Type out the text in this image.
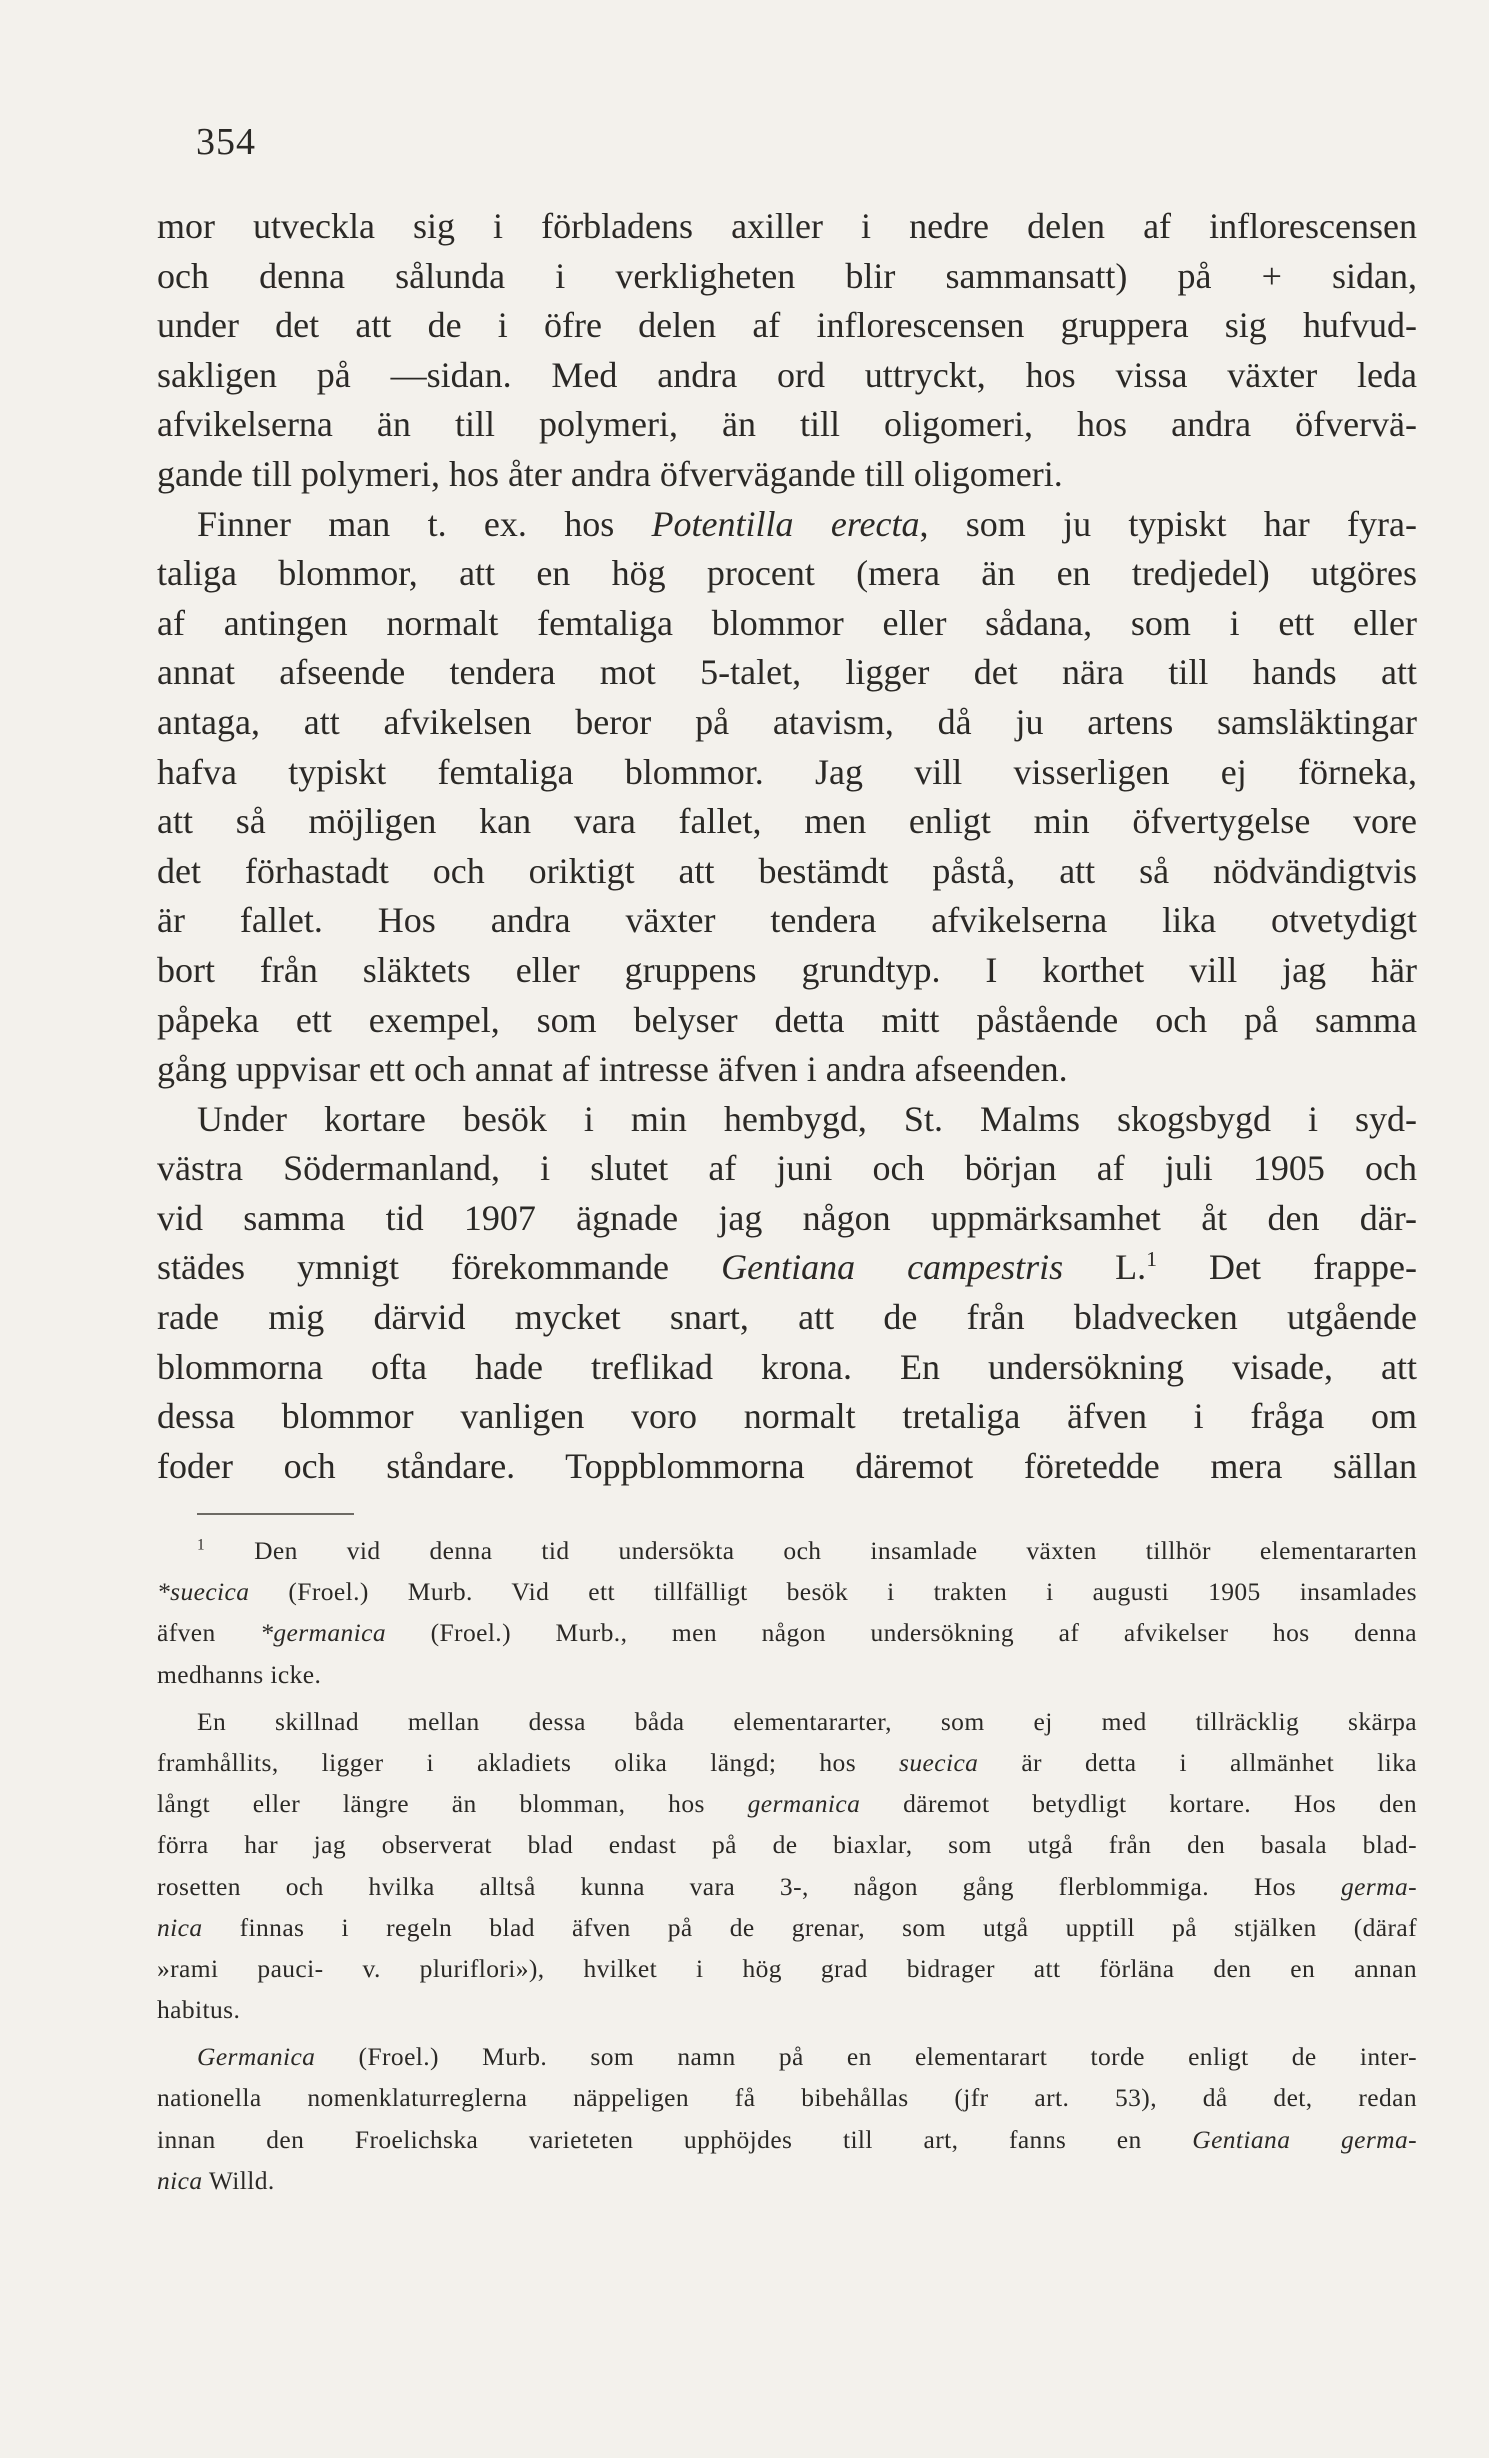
354
mor utveckla sig i förbladens axiller i nedre delen af inflorescensen
och denna sålunda i verkligheten blir sammansatt) på + sidan,
under det att de i öfre delen af inflorescensen gruppera sig hufvud-
sakligen på —sidan. Med andra ord uttryckt, hos vissa växter leda
afvikelserna än till polymeri, än till oligomeri, hos andra öfvervä-
gande till polymeri, hos åter andra öfvervägande till oligomeri.
Finner man t. ex. hos Potentilla erecta, som ju typiskt har fyra-
taliga blommor, att en hög procent (mera än en tredjedel) utgöres
af antingen normalt femtaliga blommor eller sådana, som i ett eller
annat afseende tendera mot 5-talet, ligger det nära till hands att
antaga, att afvikelsen beror på atavism, då ju artens samsläktingar
hafva typiskt femtaliga blommor. Jag vill visserligen ej förneka,
att så möjligen kan vara fallet, men enligt min öfvertygelse vore
det förhastadt och oriktigt att bestämdt påstå, att så nödvändigtvis
är fallet. Hos andra växter tendera afvikelserna lika otvetydigt
bort från släktets eller gruppens grundtyp. I korthet vill jag här
påpeka ett exempel, som belyser detta mitt påstående och på samma
gång uppvisar ett och annat af intresse äfven i andra afseenden.
Under kortare besök i min hembygd, St. Malms skogsbygd i syd-
västra Södermanland, i slutet af juni och början af juli 1905 och
vid samma tid 1907 ägnade jag någon uppmärksamhet åt den där-
städes ymnigt förekommande Gentiana campestris L.$^1$ Det frappe-
rade mig därvid mycket snart, att de från bladvecken utgående
blommorna ofta hade treflikad krona. En undersökning visade, att
dessa blommor vanligen voro normalt tretaliga äfven i fråga om
foder och ståndare. Toppblommorna däremot företedde mera sällan
$^1$ Den vid denna tid undersökta och insamlade växten tillhör elementararten
*suecica (Froel.) Murb. Vid ett tillfälligt besök i trakten i augusti 1905 insamlades
äfven *germanica (Froel.) Murb., men någon undersökning af afvikelser hos denna
medhanns icke.
En skillnad mellan dessa båda elementararter, som ej med tillräcklig skärpa
framhållits, ligger i akladiets olika längd; hos suecica är detta i allmänhet lika
långt eller längre än blomman, hos germanica däremot betydligt kortare. Hos den
förra har jag observerat blad endast på de biaxlar, som utgå från den basala blad-
rosetten och hvilka alltså kunna vara 3-, någon gång flerblommiga. Hos germa-
nica finnas i regeln blad äfven på de grenar, som utgå upptill på stjälken (däraf
»rami pauci- v. pluriflori»), hvilket i hög grad bidrager att förläna den en annan
habitus.
Germanica (Froel.) Murb. som namn på en elementarart torde enligt de inter-
nationella nomenklaturreglerna näppeligen få bibehållas (jfr art. 53), då det, redan
innan den Froelichska varieteten upphöjdes till art, fanns en Gentiana germa-
nica Willd.
